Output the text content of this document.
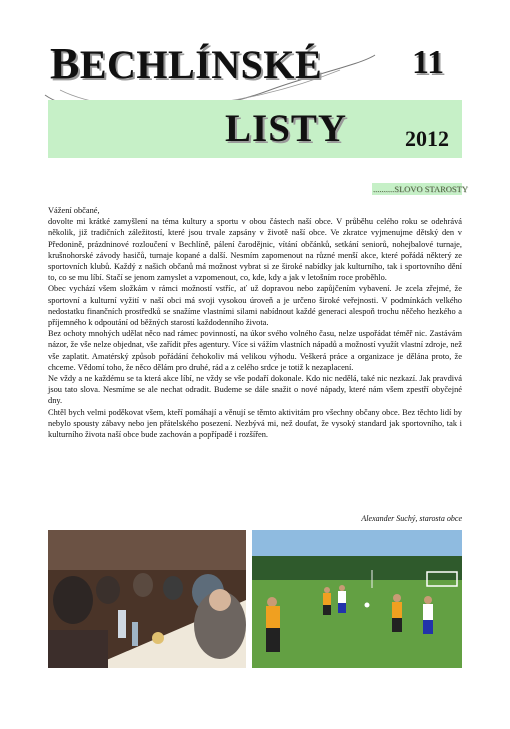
BECHLÍNSKÉ	11
LISTY	2012
..........SLOVO STAROSTY

Vážení občané,

dovolte mi krátké zamyšlení na téma kultury a sportu v obou částech naší obce. V průběhu celého roku se odehrává několik, již tradičních záležitostí, které jsou trvale zapsány v životě naší obce. Ve zkratce vyjmenujme dětský den v Předonině, prázdninové rozloučení v Bechlíně, pálení čarodějnic, vítání občánků, setkání seniorů, nohejbalové turnaje, krušnohorské závody hasičů, turnaje kopané a další. Nesmím zapomenout na různé menší akce, které pořádá některý ze sportovních klubů. Každý z našich občanů má možnost vybrat si ze široké nabídky jak kulturního, tak i sportovního dění to, co se mu líbí. Stačí se jenom zamyslet a vzpomenout, co, kde, kdy a jak v letošním roce proběhlo.

Obec vychází všem složkám v rámci možností vstříc, ať už dopravou nebo zapůjčením vybavení. Je zcela zřejmé, že sportovní a kulturní vyžití v naší obci má svoji vysokou úroveň a je určeno široké veřejnosti. V podmínkách velkého nedostatku finančních prostředků se snažíme vlastními silami nabídnout každé generaci alespoň trochu něčeho hezkého a příjemného k odpoutání od běžných starostí každodenního života.

Bez ochoty mnohých udělat něco nad rámec povinností, na úkor svého volného času, nelze uspořádat téměř nic. Zastávám názor, že vše nelze objednat, vše zařídit přes agentury. Více si vážím vlastních nápadů a možností využít vlastní zdroje, než vše zaplatit. Amatérský způsob pořádání čehokoliv má velikou výhodu. Veškerá práce a organizace je dělána proto, že chceme. Vědomí toho, že něco dělám pro druhé, rád a z celého srdce je totiž k nezaplacení.

Ne vždy a ne každému se ta která akce líbí, ne vždy se vše podaří dokonale. Kdo nic nedělá, také nic nezkazí. Jak pravdivá jsou tato slova. Nesmíme se ale nechat odradit. Budeme se dále snažit o nové nápady, které nám všem zpestří obyčejné dny.

Chtěl bych velmi poděkovat všem, kteří pomáhají a věnují se těmto aktivitám pro všechny občany obce. Bez těchto lidí by nebylo spousty zábavy nebo jen přátelského posezení. Nezbývá mi, než doufat, že vysoký standard jak sportovního, tak i kulturního života naší obce bude zachován a popřípadě i rozšířen.

Alexander Suchý, starosta obce
